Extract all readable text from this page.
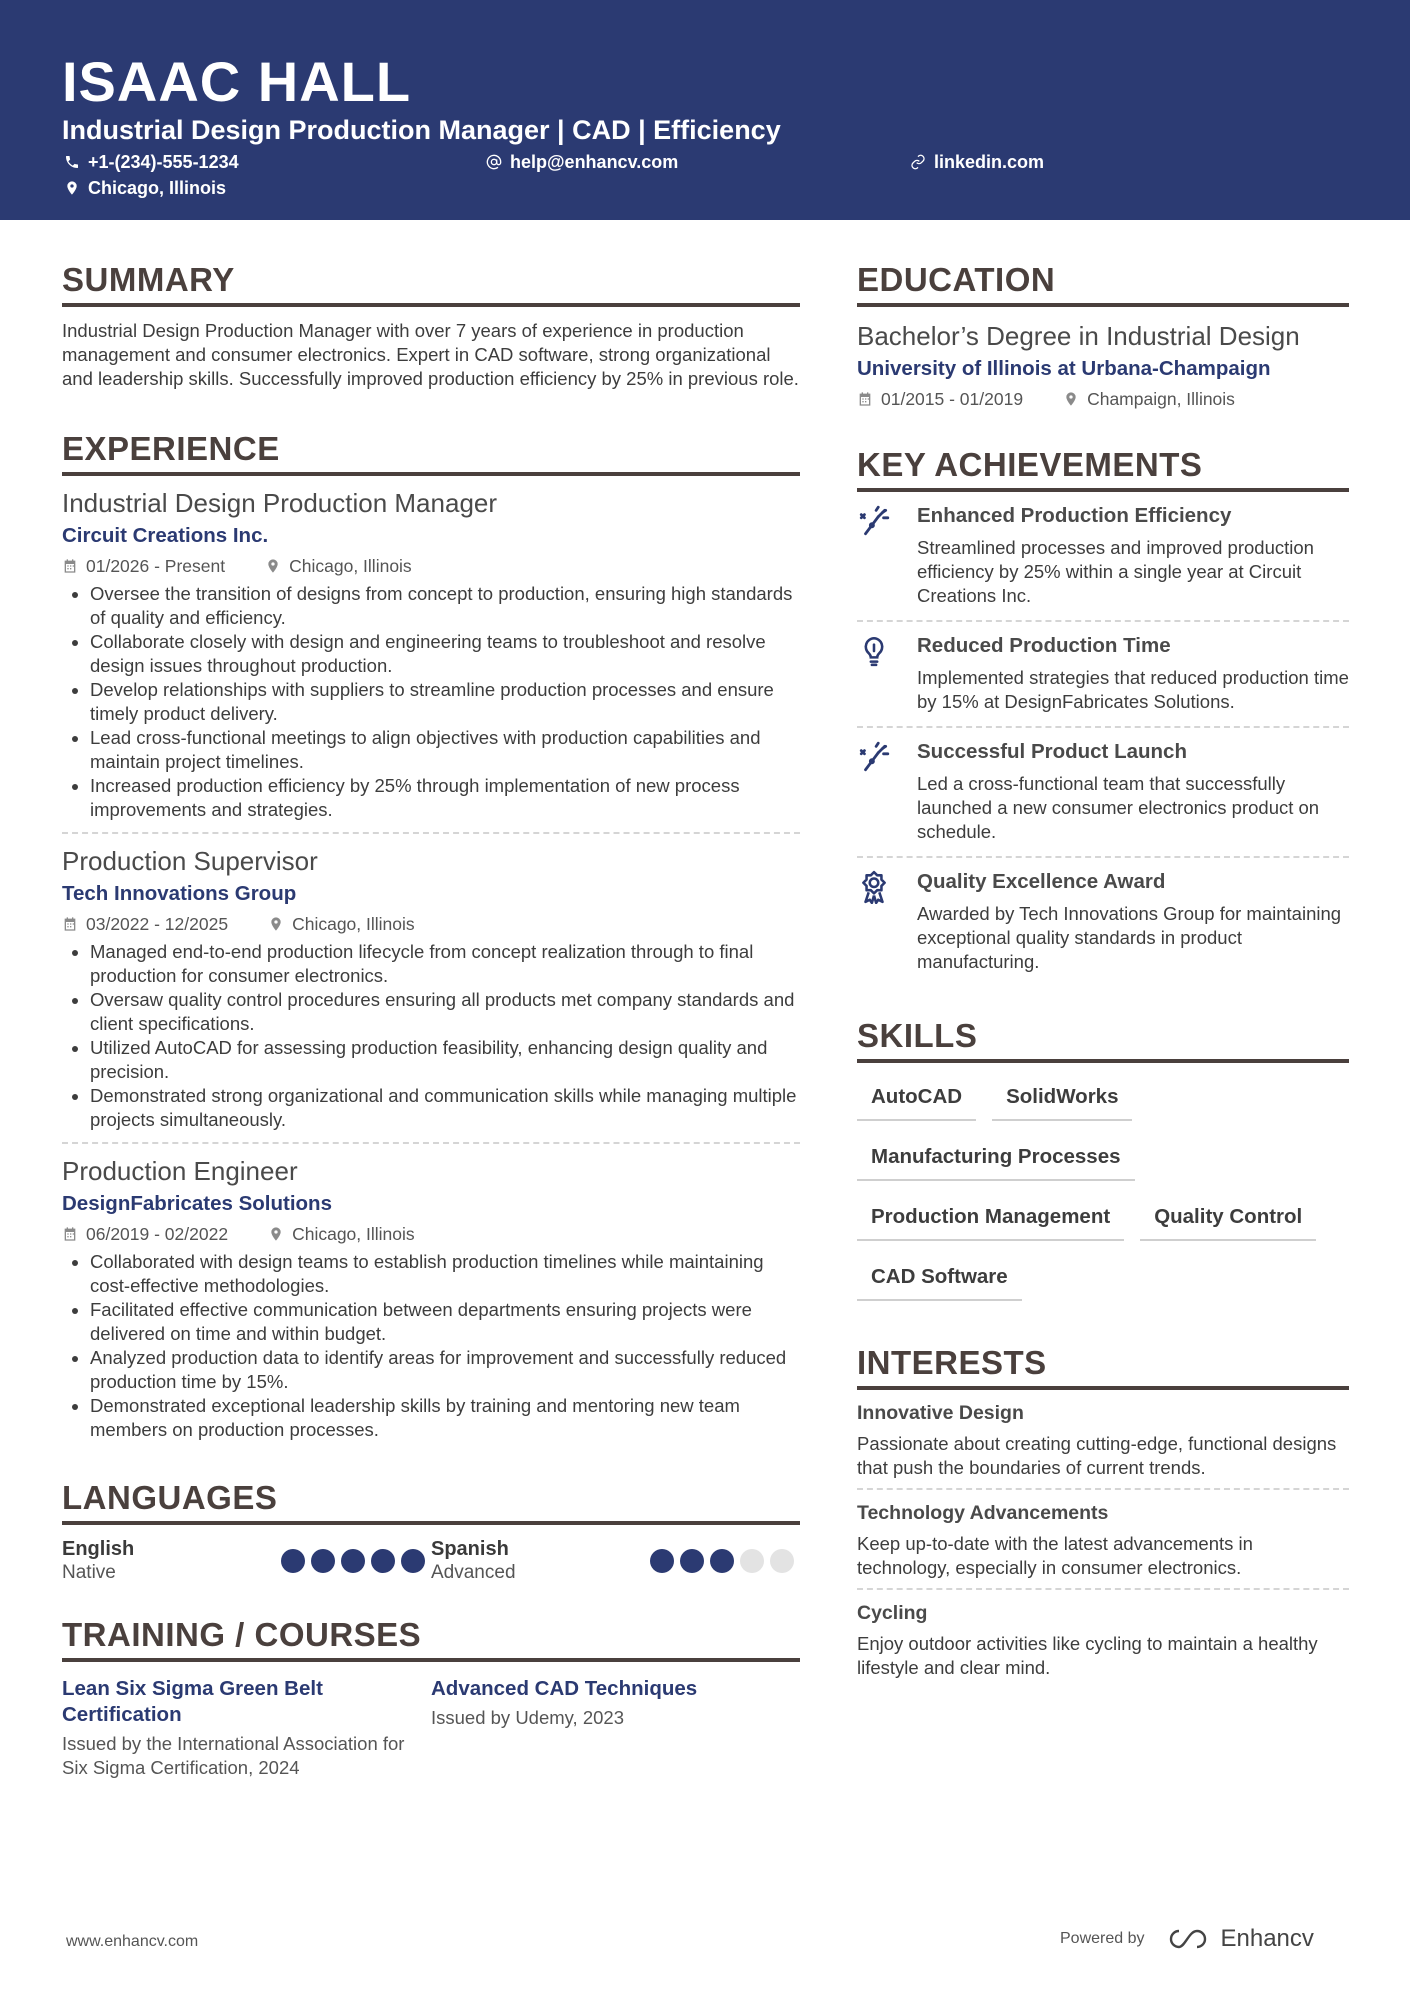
ISAAC HALL
Industrial Design Production Manager | CAD | Efficiency
+1-(234)-555-1234	help@enhancv.com	linkedin.com
Chicago, Illinois
SUMMARY
Industrial Design Production Manager with over 7 years of experience in production management and consumer electronics. Expert in CAD software, strong organizational and leadership skills. Successfully improved production efficiency by 25% in previous role.
EXPERIENCE
Industrial Design Production Manager
Circuit Creations Inc.
01/2026 - Present	Chicago, Illinois
• Oversee the transition of designs from concept to production, ensuring high standards of quality and efficiency.
• Collaborate closely with design and engineering teams to troubleshoot and resolve design issues throughout production.
• Develop relationships with suppliers to streamline production processes and ensure timely product delivery.
• Lead cross-functional meetings to align objectives with production capabilities and maintain project timelines.
• Increased production efficiency by 25% through implementation of new process improvements and strategies.
Production Supervisor
Tech Innovations Group
03/2022 - 12/2025	Chicago, Illinois
• Managed end-to-end production lifecycle from concept realization through to final production for consumer electronics.
• Oversaw quality control procedures ensuring all products met company standards and client specifications.
• Utilized AutoCAD for assessing production feasibility, enhancing design quality and precision.
• Demonstrated strong organizational and communication skills while managing multiple projects simultaneously.
Production Engineer
DesignFabricates Solutions
06/2019 - 02/2022	Chicago, Illinois
• Collaborated with design teams to establish production timelines while maintaining cost-effective methodologies.
• Facilitated effective communication between departments ensuring projects were delivered on time and within budget.
• Analyzed production data to identify areas for improvement and successfully reduced production time by 15%.
• Demonstrated exceptional leadership skills by training and mentoring new team members on production processes.
LANGUAGES
English
Native
Spanish
Advanced
TRAINING / COURSES
Lean Six Sigma Green Belt Certification
Issued by the International Association for Six Sigma Certification, 2024
Advanced CAD Techniques
Issued by Udemy, 2023
EDUCATION
Bachelor’s Degree in Industrial Design
University of Illinois at Urbana-Champaign
01/2015 - 01/2019	Champaign, Illinois
KEY ACHIEVEMENTS
Enhanced Production Efficiency
Streamlined processes and improved production efficiency by 25% within a single year at Circuit Creations Inc.
Reduced Production Time
Implemented strategies that reduced production time by 15% at DesignFabricates Solutions.
Successful Product Launch
Led a cross-functional team that successfully launched a new consumer electronics product on schedule.
Quality Excellence Award
Awarded by Tech Innovations Group for maintaining exceptional quality standards in product manufacturing.
SKILLS
AutoCAD	SolidWorks
Manufacturing Processes
Production Management	Quality Control
CAD Software
INTERESTS
Innovative Design
Passionate about creating cutting-edge, functional designs that push the boundaries of current trends.
Technology Advancements
Keep up-to-date with the latest advancements in technology, especially in consumer electronics.
Cycling
Enjoy outdoor activities like cycling to maintain a healthy lifestyle and clear mind.
www.enhancv.com	Powered by	Enhancv
